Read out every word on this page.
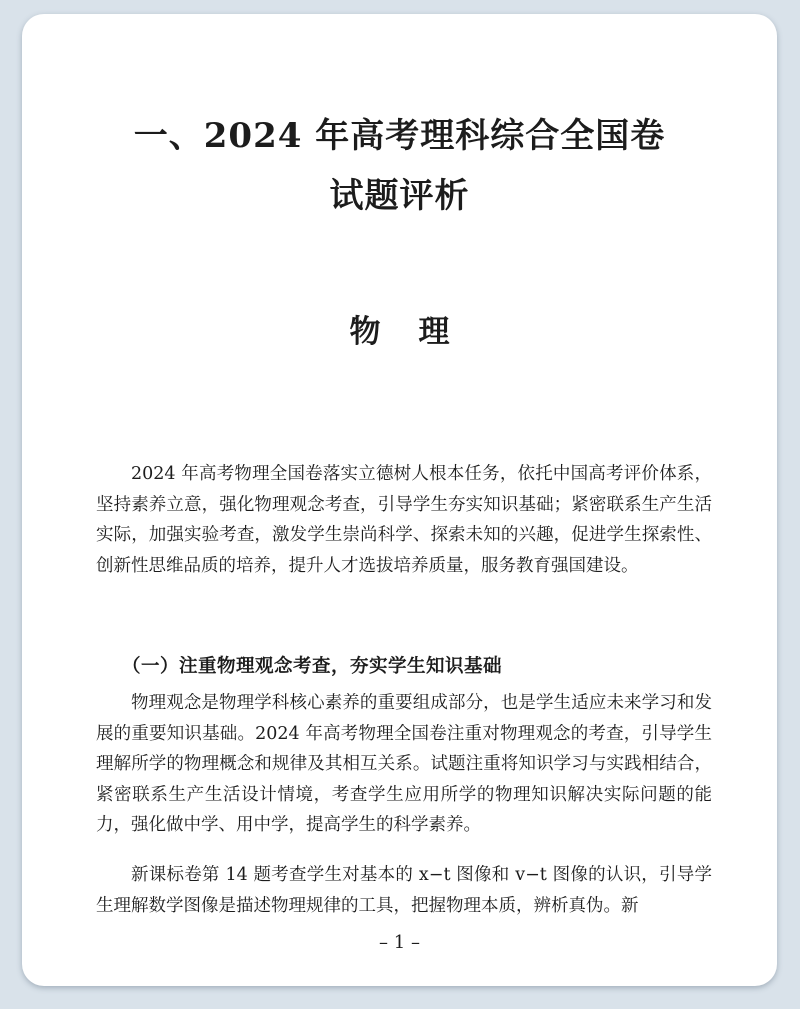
一、2024 年高考理科综合全国卷
试题评析
物理

2024 年高考物理全国卷落实立德树人根本任务，依托中国高考评价体系，坚持素养立意，强化物理观念考查，引导学生夯实知识基础；紧密联系生产生活实际，加强实验考查，激发学生崇尚科学、探索未知的兴趣，促进学生探索性、创新性思维品质的培养，提升人才选拔培养质量，服务教育强国建设。

（一）注重物理观念考查，夯实学生知识基础

物理观念是物理学科核心素养的重要组成部分，也是学生适应未来学习和发展的重要知识基础。2024 年高考物理全国卷注重对物理观念的考查，引导学生理解所学的物理概念和规律及其相互关系。试题注重将知识学习与实践相结合，紧密联系生产生活设计情境，考查学生应用所学的物理知识解决实际问题的能力，强化做中学、用中学，提高学生的科学素养。

新课标卷第 14 题考查学生对基本的 x−t 图像和 v−t 图像的认识，引导学生理解数学图像是描述物理规律的工具，把握物理本质，辨析真伪。新

– 1 –
